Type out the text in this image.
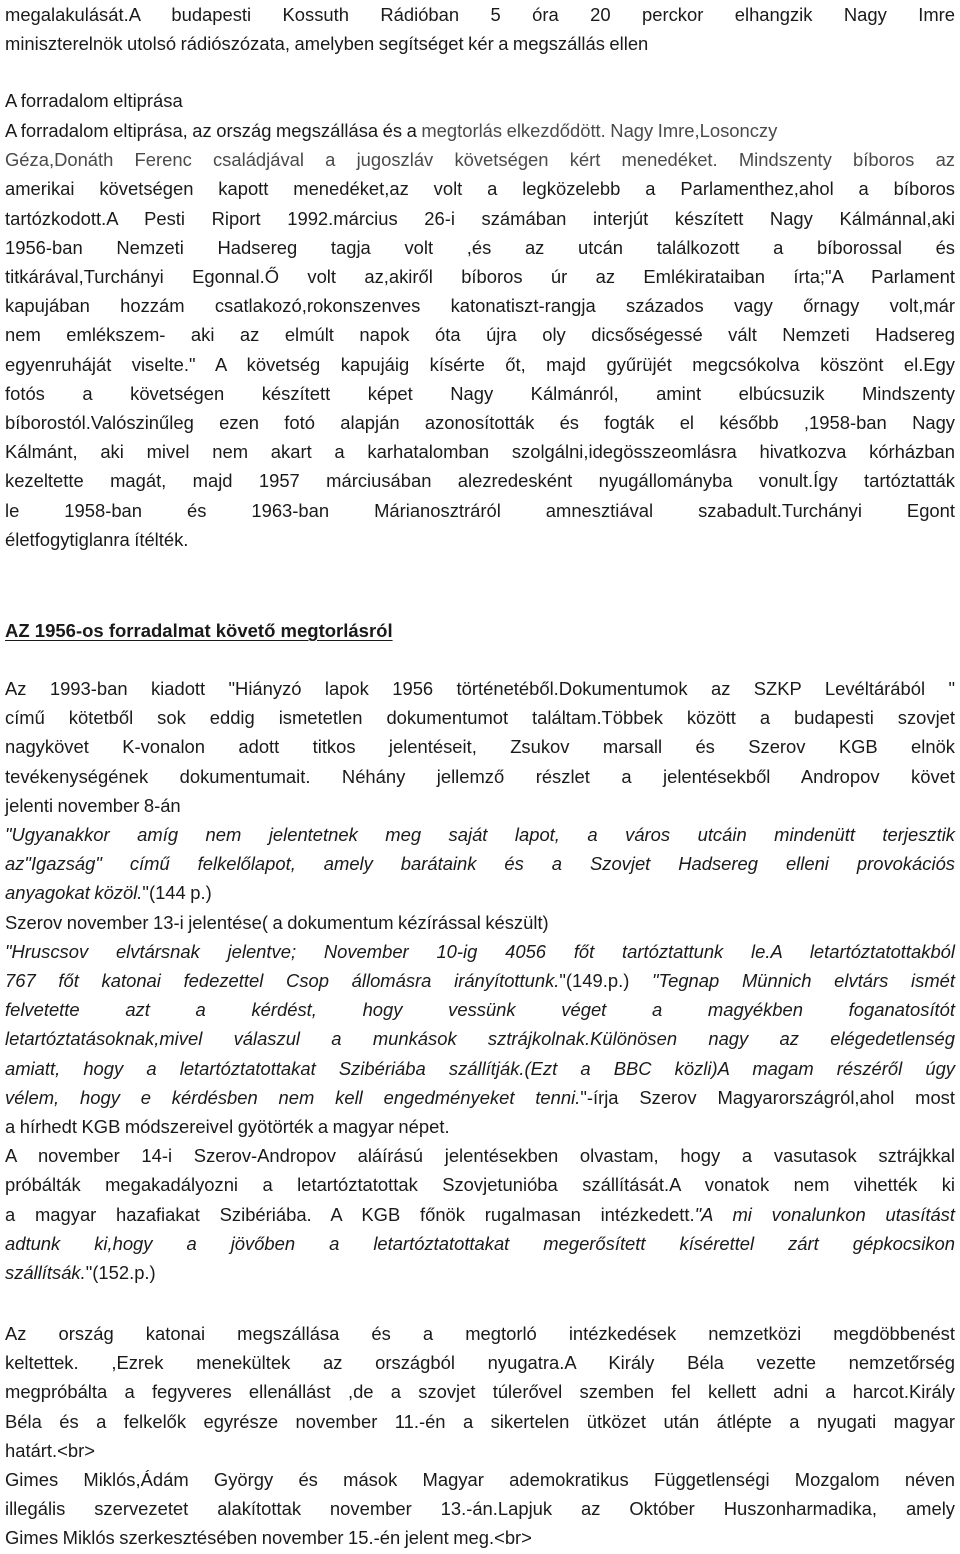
megalakulását.A budapesti Kossuth Rádióban 5 óra 20 perckor elhangzik Nagy Imre

miniszterelnök utolsó rádiószózata, amelyben segítséget kér a megszállás ellen

A forradalom eltiprása

A forradalom eltiprása, az ország megszállása és a megtorlás elkezdődött. Nagy Imre,Losonczy

Géza,Donáth Ferenc családjával a jugoszláv követségen kért menedéket. Mindszenty bíboros az

amerikai követségen kapott menedéket,az volt a legközelebb a Parlamenthez,ahol a bíboros

tartózkodott.A Pesti Riport 1992.március 26-i számában interjút készített Nagy Kálmánnal,aki

1956-ban Nemzeti Hadsereg tagja volt ,és az utcán találkozott a bíborossal és

titkárával,Turchányi Egonnal.Ő volt az,akiről bíboros úr az Emlékirataiban írta;"A Parlament

kapujában hozzám csatlakozó,rokonszenves katonatiszt-rangja százados vagy őrnagy volt,már

nem emlékszem- aki az elmúlt napok óta újra oly dicsőségessé vált Nemzeti Hadsereg

egyenruháját viselte." A követség kapujáig kísérte őt, majd gyűrüjét megcsókolva köszönt el.Egy

fotós a követségen készített képet Nagy Kálmánról, amint elbúcsuzik Mindszenty

bíborostól.Valószinűleg ezen fotó alapján azonosították és fogták el később ,1958-ban Nagy

Kálmánt, aki mivel nem akart a karhatalomban szolgálni,idegösszeomlásra hivatkozva kórházban

kezeltette magát, majd 1957 márciusában alezredesként nyugállományba vonult.Így tartóztatták

le 1958-ban és 1963-ban Márianosztráról amnesztiával szabadult.Turchányi Egont

életfogytiglanra ítélték.

AZ 1956-os forradalmat követő megtorlásról

Az 1993-ban kiadott "Hiányzó lapok 1956 történetéből.Dokumentumok az SZKP Levéltárából "

című kötetből sok eddig ismetetlen dokumentumot találtam.Többek között a budapesti szovjet

nagykövet K-vonalon adott titkos jelentéseit, Zsukov marsall és Szerov KGB elnök

tevékenységének dokumentumait. Néhány jellemző részlet a jelentésekből Andropov követ

jelenti november 8-án

"Ugyanakkor amíg nem jelentetnek meg saját lapot, a város utcáin mindenütt terjesztik

az"Igazság" című felkelőlapot, amely barátaink és a Szovjet Hadsereg elleni provokációs

anyagokat közöl."(144 p.)

Szerov november 13-i jelentése( a dokumentum kézírással készült)

"Hruscsov elvtársnak jelentve; November 10-ig 4056 főt tartóztattunk le.A letartóztatottakból

767 főt katonai fedezettel Csop állomásra irányítottunk."(149.p.) "Tegnap Münnich elvtárs ismét

felvetette azt a kérdést, hogy vessünk véget a magyékben foganatosítót

letartóztatásoknak,mivel válaszul a munkások sztrájkolnak.Különösen nagy az elégedetlenség

amiatt, hogy a letartóztatottakat Szibériába szállítják.(Ezt a BBC közli)A magam részéről úgy

vélem, hogy e kérdésben nem kell engedményeket tenni."-írja Szerov Magyarországról,ahol most

a hírhedt KGB módszereivel gyötörték a magyar népet.

A november 14-i Szerov-Andropov aláírású jelentésekben olvastam, hogy a vasutasok sztrájkkal

próbálták megakadályozni a letartóztatottak Szovjetunióba szállítását.A vonatok nem vihették ki

a magyar hazafiakat Szibériába. A KGB főnök rugalmasan intézkedett."A mi vonalunkon utasítást

adtunk ki,hogy a jövőben a letartóztatottakat megerősített kísérettel zárt gépkocsikon

szállítsák."(152.p.)

Az ország katonai megszállása és a megtorló intézkedések nemzetközi megdöbbenést

keltettek. ,Ezrek menekültek az országból nyugatra.A Király Béla vezette nemzetőrség

megpróbálta a fegyveres ellenállást ,de a szovjet túlerővel szemben fel kellett adni a harcot.Király

Béla és a felkelők egyrésze november 11.-én a sikertelen ütközet után átlépte a nyugati magyar

határt.<br>

Gimes Miklós,Ádám György és mások Magyar ademokratikus Függetlenségi Mozgalom néven

illegális szervezetet alakítottak november 13.-án.Lapjuk az Október Huszonharmadika, amely

Gimes Miklós szerkesztésében november 15.-én jelent meg.<br>
